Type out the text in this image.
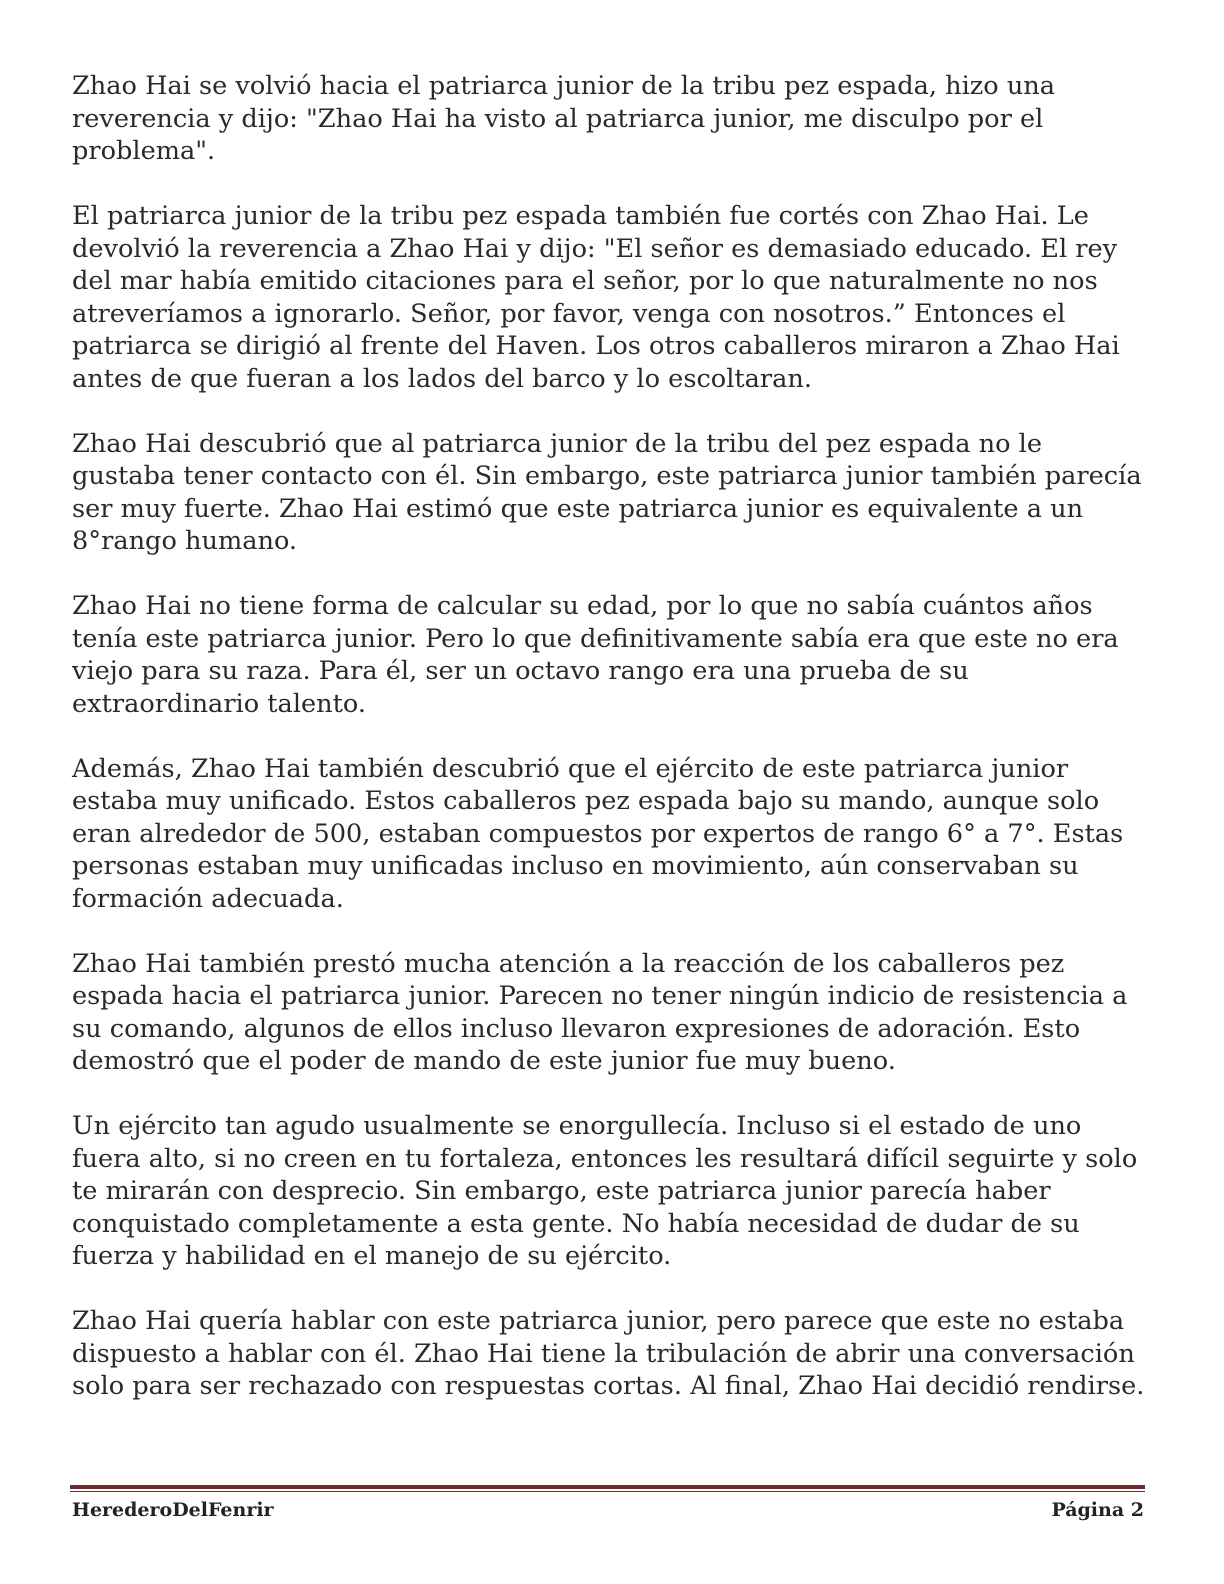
Zhao Hai se volvió hacia el patriarca junior de la tribu pez espada, hizo una reverencia y dijo: "Zhao Hai ha visto al patriarca junior, me disculpo por el problema".

El patriarca junior de la tribu pez espada también fue cortés con Zhao Hai. Le devolvió la reverencia a Zhao Hai y dijo: "El señor es demasiado educado. El rey del mar había emitido citaciones para el señor, por lo que naturalmente no nos atreveríamos a ignorarlo. Señor, por favor, venga con nosotros.” Entonces el patriarca se dirigió al frente del Haven. Los otros caballeros miraron a Zhao Hai antes de que fueran a los lados del barco y lo escoltaran.

Zhao Hai descubrió que al patriarca junior de la tribu del pez espada no le gustaba tener contacto con él. Sin embargo, este patriarca junior también parecía ser muy fuerte. Zhao Hai estimó que este patriarca junior es equivalente a un 8°rango humano.

Zhao Hai no tiene forma de calcular su edad, por lo que no sabía cuántos años tenía este patriarca junior. Pero lo que definitivamente sabía era que este no era viejo para su raza. Para él, ser un octavo rango era una prueba de su extraordinario talento.

Además, Zhao Hai también descubrió que el ejército de este patriarca junior estaba muy unificado. Estos caballeros pez espada bajo su mando, aunque solo eran alrededor de 500, estaban compuestos por expertos de rango 6° a 7°. Estas personas estaban muy unificadas incluso en movimiento, aún conservaban su formación adecuada.

Zhao Hai también prestó mucha atención a la reacción de los caballeros pez espada hacia el patriarca junior. Parecen no tener ningún indicio de resistencia a su comando, algunos de ellos incluso llevaron expresiones de adoración. Esto demostró que el poder de mando de este junior fue muy bueno.

Un ejército tan agudo usualmente se enorgullecía. Incluso si el estado de uno fuera alto, si no creen en tu fortaleza, entonces les resultará difícil seguirte y solo te mirarán con desprecio. Sin embargo, este patriarca junior parecía haber conquistado completamente a esta gente. No había necesidad de dudar de su fuerza y habilidad en el manejo de su ejército.

Zhao Hai quería hablar con este patriarca junior, pero parece que este no estaba dispuesto a hablar con él. Zhao Hai tiene la tribulación de abrir una conversación solo para ser rechazado con respuestas cortas. Al final, Zhao Hai decidió rendirse.

HerederoDelFenrir	Página 2
